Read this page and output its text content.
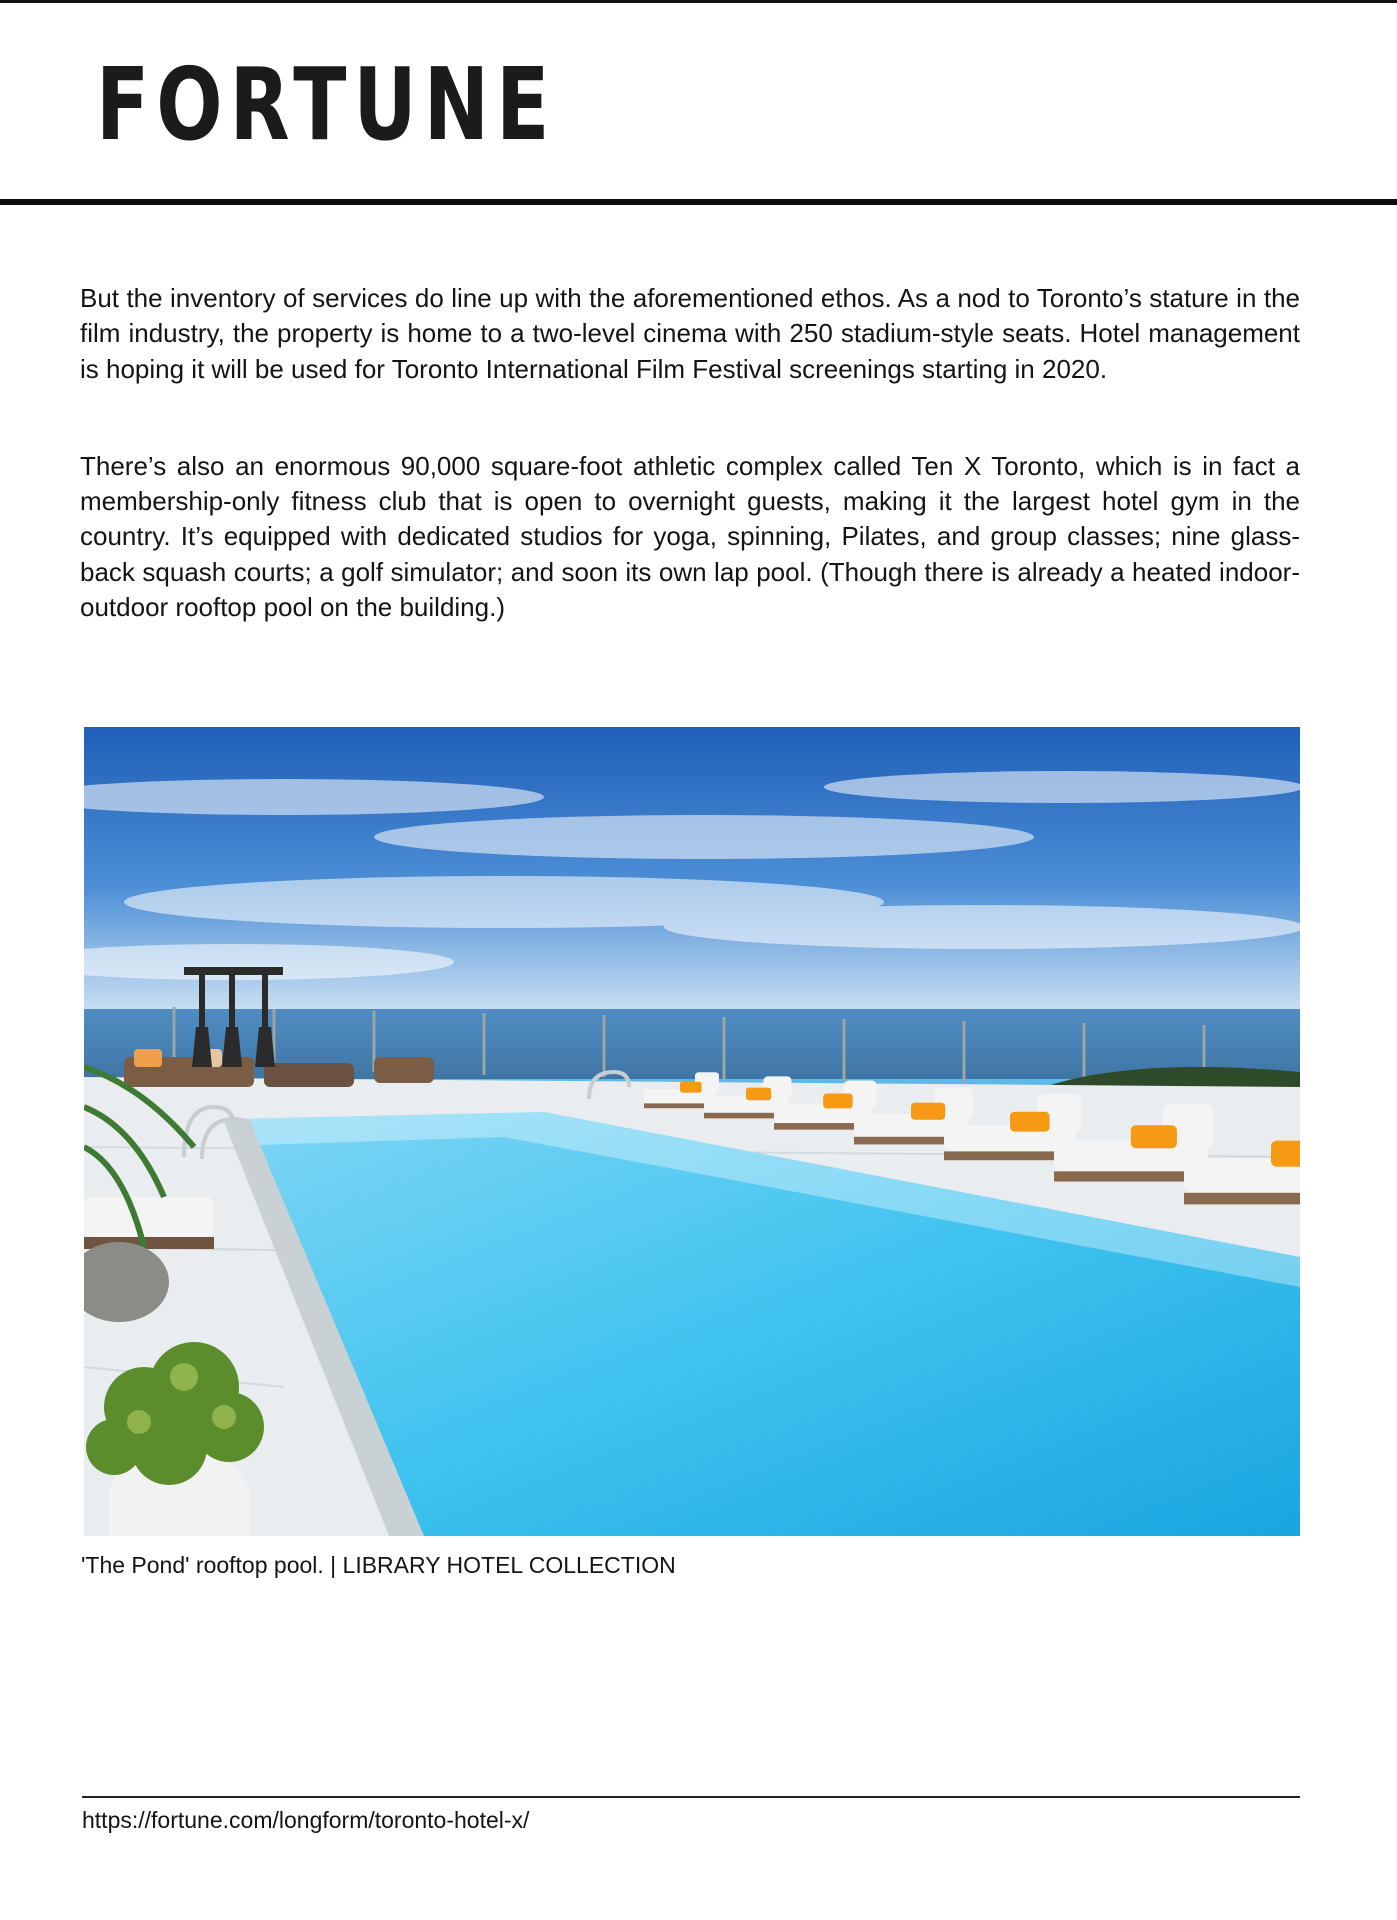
FORTUNE

But the inventory of services do line up with the aforementioned ethos. As a nod to Toronto’s stature in the film industry, the property is home to a two-level cinema with 250 stadium-style seats. Hotel management is hoping it will be used for Toronto International Film Festival screenings starting in 2020.

There’s also an enormous 90,000 square-foot athletic complex called Ten X Toronto, which is in fact a membership-only fitness club that is open to overnight guests, making it the largest hotel gym in the country. It’s equipped with dedicated studios for yoga, spinning, Pilates, and group classes; nine glass-back squash courts; a golf simulator; and soon its own lap pool. (Though there is already a heated indoor-outdoor rooftop pool on the building.)

'The Pond' rooftop pool. | LIBRARY HOTEL COLLECTION
https://fortune.com/longform/toronto-hotel-x/
